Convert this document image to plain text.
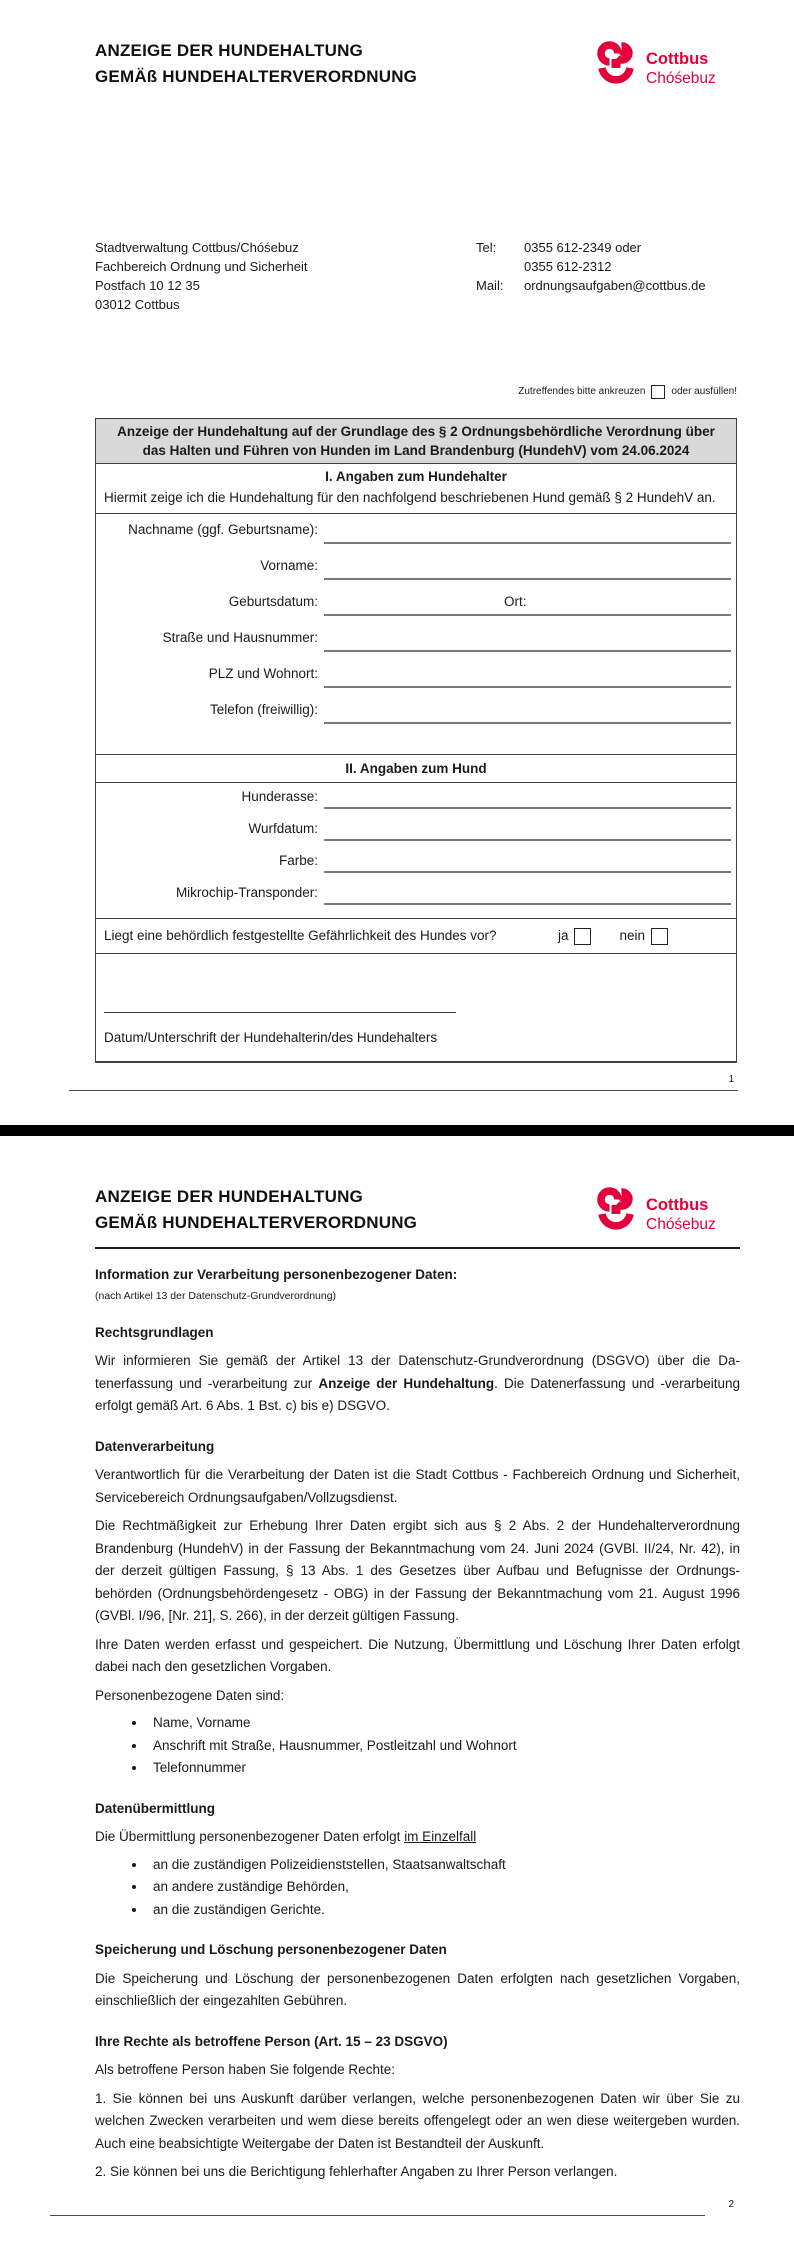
ANZEIGE DER HUNDEHALTUNG
GEMÄß HUNDEHALTERVERORDNUNG
Cottbus
Chóśebuz
Stadtverwaltung Cottbus/Chóśebuz
Fachbereich Ordnung und Sicherheit
Postfach 10 12 35
03012 Cottbus
Tel:	0355 612-2349 oder
0355 612-2312
Mail:	ordnungsaufgaben@cottbus.de
Zutreffendes bitte ankreuzen	oder ausfüllen!
Anzeige der Hundehaltung auf der Grundlage des § 2 Ordnungsbehördliche Verordnung über das Halten und Führen von Hunden im Land Brandenburg (HundehV) vom 24.06.2024
I. Angaben zum Hundehalter
Hiermit zeige ich die Hundehaltung für den nachfolgend beschriebenen Hund gemäß § 2 HundehV an.
Nachname (ggf. Geburtsname):
Vorname:
Geburtsdatum:	Ort:
Straße und Hausnummer:
PLZ und Wohnort:
Telefon (freiwillig):
II. Angaben zum Hund
Hunderasse:
Wurfdatum:
Farbe:
Mikrochip-Transponder:
Liegt eine behördlich festgestellte Gefährlichkeit des Hundes vor?	ja	nein
Datum/Unterschrift der Hundehalterin/des Hundehalters
1
ANZEIGE DER HUNDEHALTUNG
GEMÄß HUNDEHALTERVERORDNUNG
Cottbus
Chóśebuz
Information zur Verarbeitung personenbezogener Daten:
(nach Artikel 13 der Datenschutz-Grundverordnung)
Rechtsgrundlagen

Wir informieren Sie gemäß der Artikel 13 der Datenschutz-Grundverordnung (DSGVO) über die Datenerfassung und -verarbeitung zur Anzeige der Hundehaltung. Die Datenerfassung und -verarbeitung erfolgt gemäß Art. 6 Abs. 1 Bst. c) bis e) DSGVO.

Datenverarbeitung

Verantwortlich für die Verarbeitung der Daten ist die Stadt Cottbus - Fachbereich Ordnung und Sicherheit, Servicebereich Ordnungsaufgaben/Vollzugsdienst.

Die Rechtmäßigkeit zur Erhebung Ihrer Daten ergibt sich aus § 2 Abs. 2 der Hundehalterverordnung Brandenburg (HundehV) in der Fassung der Bekanntmachung vom 24. Juni 2024 (GVBl. II/24, Nr. 42), in der derzeit gültigen Fassung, § 13 Abs. 1 des Gesetzes über Aufbau und Befugnisse der Ordnungsbehörden (Ordnungsbehördengesetz - OBG) in der Fassung der Bekanntmachung vom 21. August 1996 (GVBl. I/96, [Nr. 21], S. 266), in der derzeit gültigen Fassung.

Ihre Daten werden erfasst und gespeichert. Die Nutzung, Übermittlung und Löschung Ihrer Daten erfolgt dabei nach den gesetzlichen Vorgaben.

Personenbezogene Daten sind:

• Name, Vorname
• Anschrift mit Straße, Hausnummer, Postleitzahl und Wohnort
• Telefonnummer
Datenübermittlung

Die Übermittlung personenbezogener Daten erfolgt im Einzelfall

• an die zuständigen Polizeidienststellen, Staatsanwaltschaft
• an andere zuständige Behörden,
• an die zuständigen Gerichte.
Speicherung und Löschung personenbezogener Daten

Die Speicherung und Löschung der personenbezogenen Daten erfolgten nach gesetzlichen Vorgaben, einschließlich der eingezahlten Gebühren.

Ihre Rechte als betroffene Person (Art. 15 – 23 DSGVO)

Als betroffene Person haben Sie folgende Rechte:

1. Sie können bei uns Auskunft darüber verlangen, welche personenbezogenen Daten wir über Sie zu welchen Zwecken verarbeiten und wem diese bereits offengelegt oder an wen diese weitergeben wurden. Auch eine beabsichtigte Weitergabe der Daten ist Bestandteil der Auskunft.

2. Sie können bei uns die Berichtigung fehlerhafter Angaben zu Ihrer Person verlangen.

2
